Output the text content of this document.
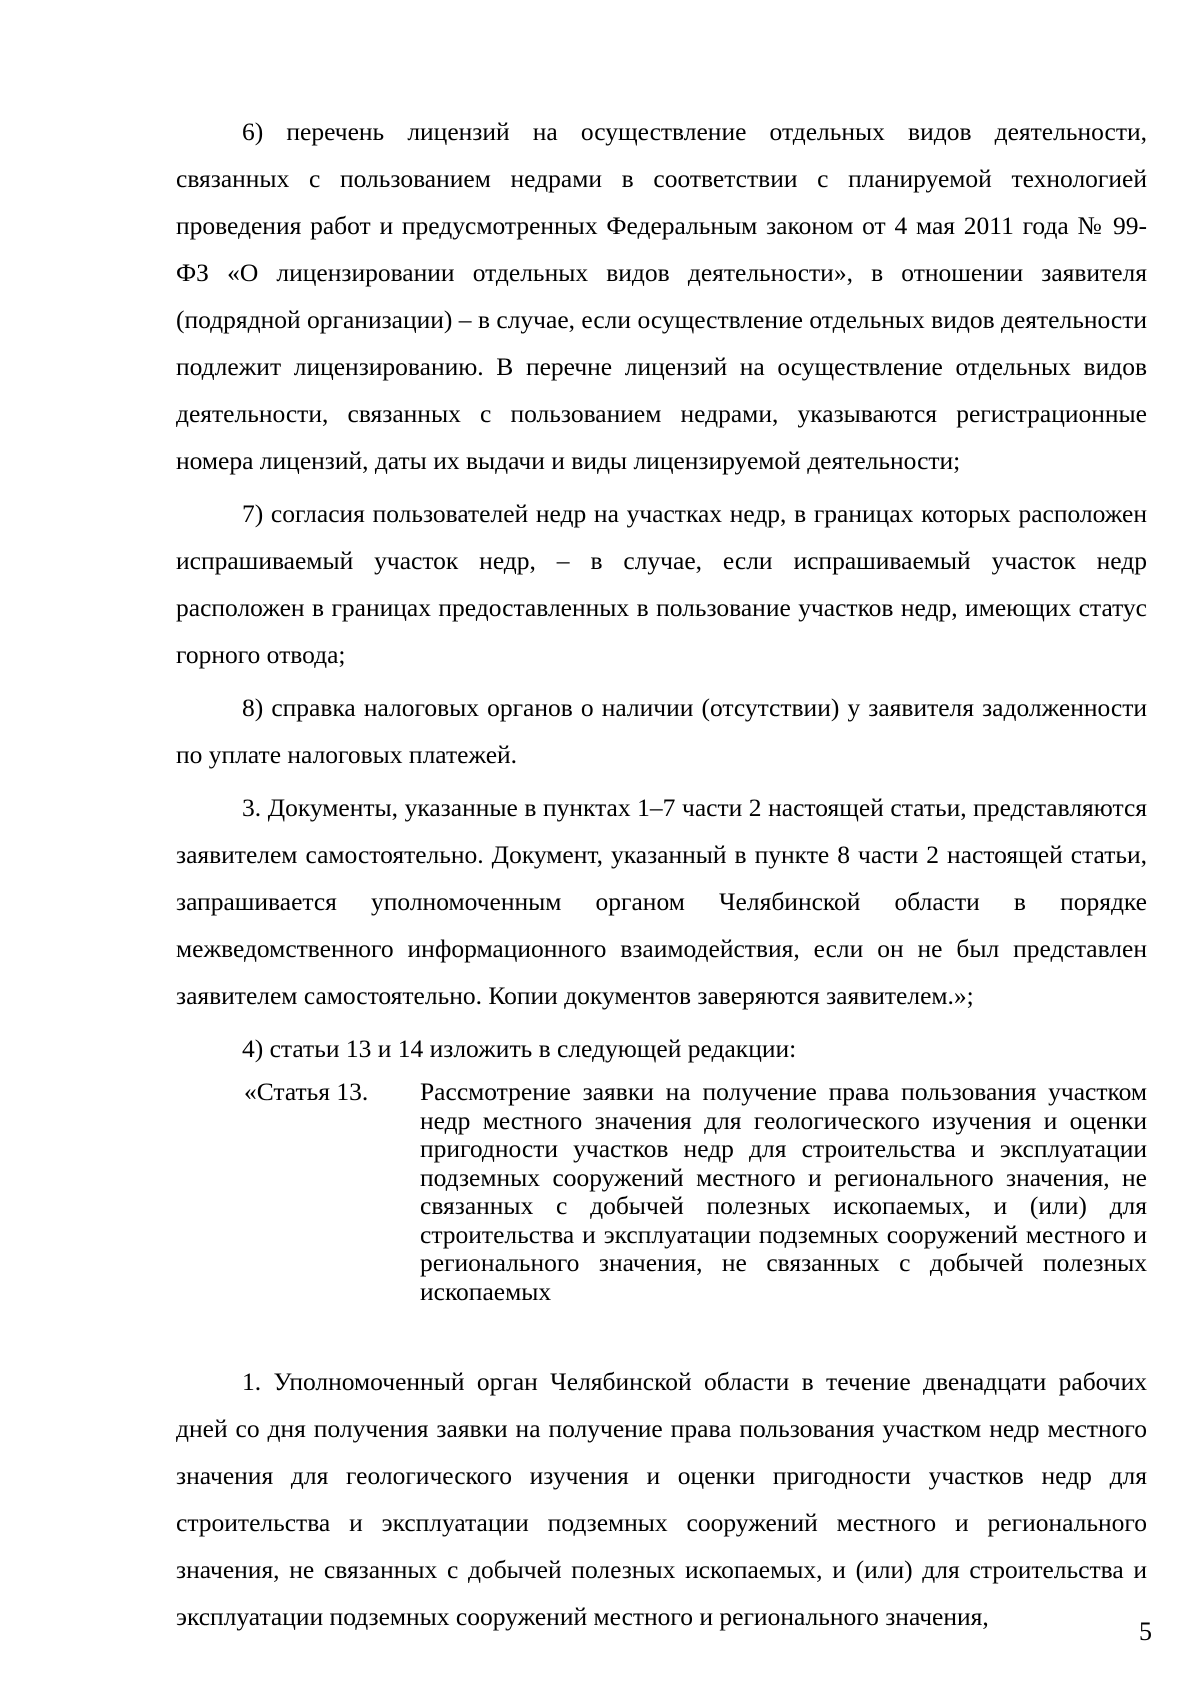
6) перечень лицензий на осуществление отдельных видов деятельности, связанных с пользованием недрами в соответствии с планируемой технологией проведения работ и предусмотренных Федеральным законом от 4 мая 2011 года № 99-ФЗ «О лицензировании отдельных видов деятельности», в отношении заявителя (подрядной организации) – в случае, если осуществление отдельных видов деятельности подлежит лицензированию. В перечне лицензий на осуществление отдельных видов деятельности, связанных с пользованием недрами, указываются регистрационные номера лицензий, даты их выдачи и виды лицензируемой деятельности;

7) согласия пользователей недр на участках недр, в границах которых расположен испрашиваемый участок недр, – в случае, если испрашиваемый участок недр расположен в границах предоставленных в пользование участков недр, имеющих статус горного отвода;

8) справка налоговых органов о наличии (отсутствии) у заявителя задолженности по уплате налоговых платежей.

3. Документы, указанные в пунктах 1–7 части 2 настоящей статьи, представляются заявителем самостоятельно. Документ, указанный в пункте 8 части 2 настоящей статьи, запрашивается уполномоченным органом Челябинской области в порядке межведомственного информационного взаимодействия, если он не был представлен заявителем самостоятельно. Копии документов заверяются заявителем.»;

4) статьи 13 и 14 изложить в следующей редакции:

«Статья 13.	Рассмотрение заявки на получение права пользования участком недр местного значения для геологического изучения и оценки пригодности участков недр для строительства и эксплуатации подземных сооружений местного и регионального значения, не связанных с добычей полезных ископаемых, и (или) для строительства и эксплуатации подземных сооружений местного и регионального значения, не связанных с добычей полезных ископаемых

1. Уполномоченный орган Челябинской области в течение двенадцати рабочих дней со дня получения заявки на получение права пользования участком недр местного значения для геологического изучения и оценки пригодности участков недр для строительства и эксплуатации подземных сооружений местного и регионального значения, не связанных с добычей полезных ископаемых, и (или) для строительства и эксплуатации подземных сооружений местного и регионального значения,

5
